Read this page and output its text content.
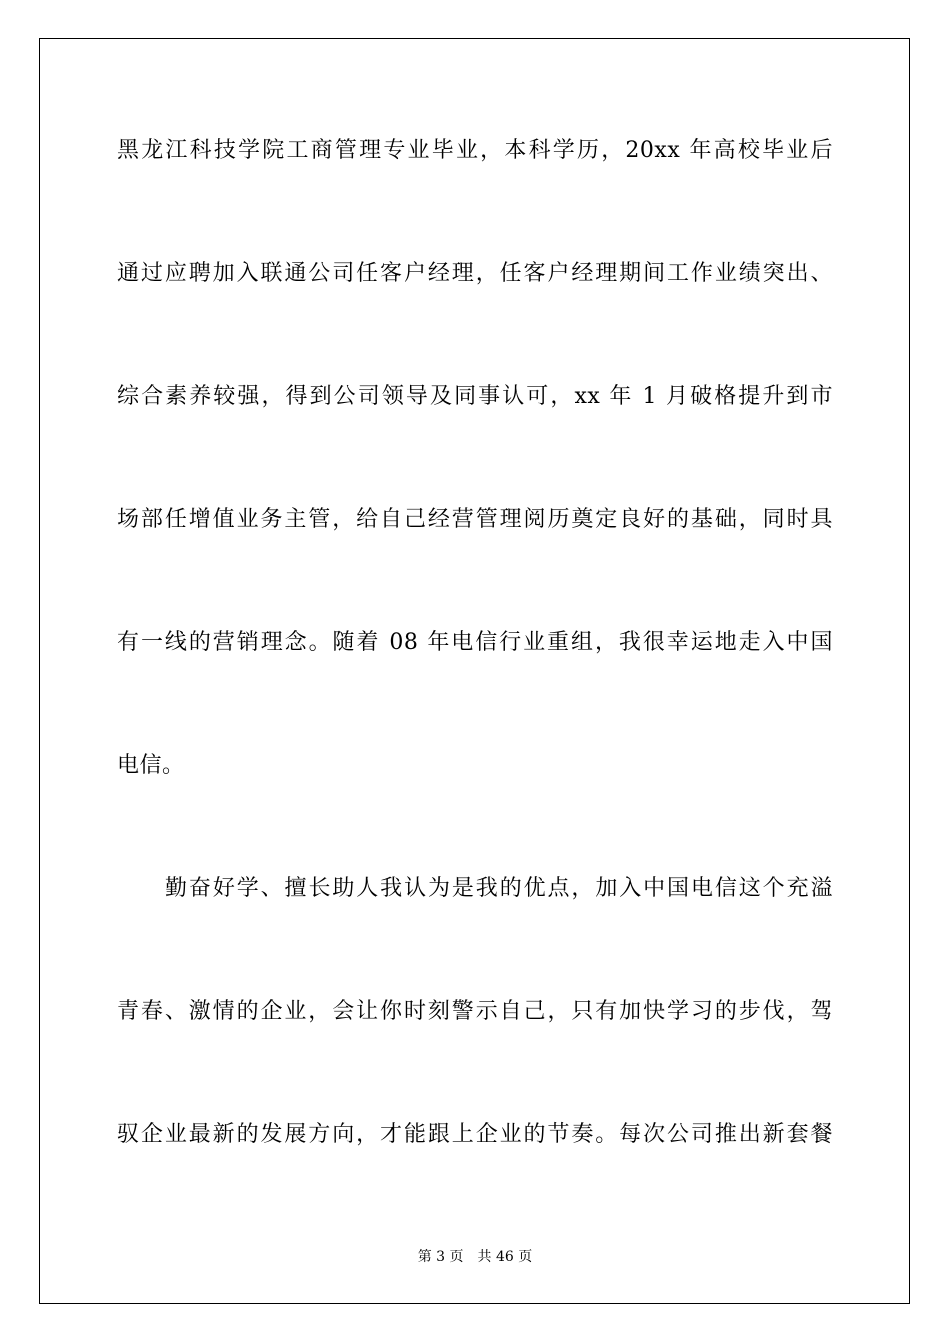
黑龙江科技学院工商管理专业毕业，本科学历，20xx 年高校毕业后
通过应聘加入联通公司任客户经理，任客户经理期间工作业绩突出、
综合素养较强，得到公司领导及同事认可，xx 年 1 月破格提升到市
场部任增值业务主管，给自己经营管理阅历奠定良好的基础，同时具
有一线的营销理念。随着 08 年电信行业重组，我很幸运地走入中国
电信。
勤奋好学、擅长助人我认为是我的优点，加入中国电信这个充溢
青春、激情的企业，会让你时刻警示自己，只有加快学习的步伐，驾
驭企业最新的发展方向，才能跟上企业的节奏。每次公司推出新套餐
第 3 页 共 46 页
